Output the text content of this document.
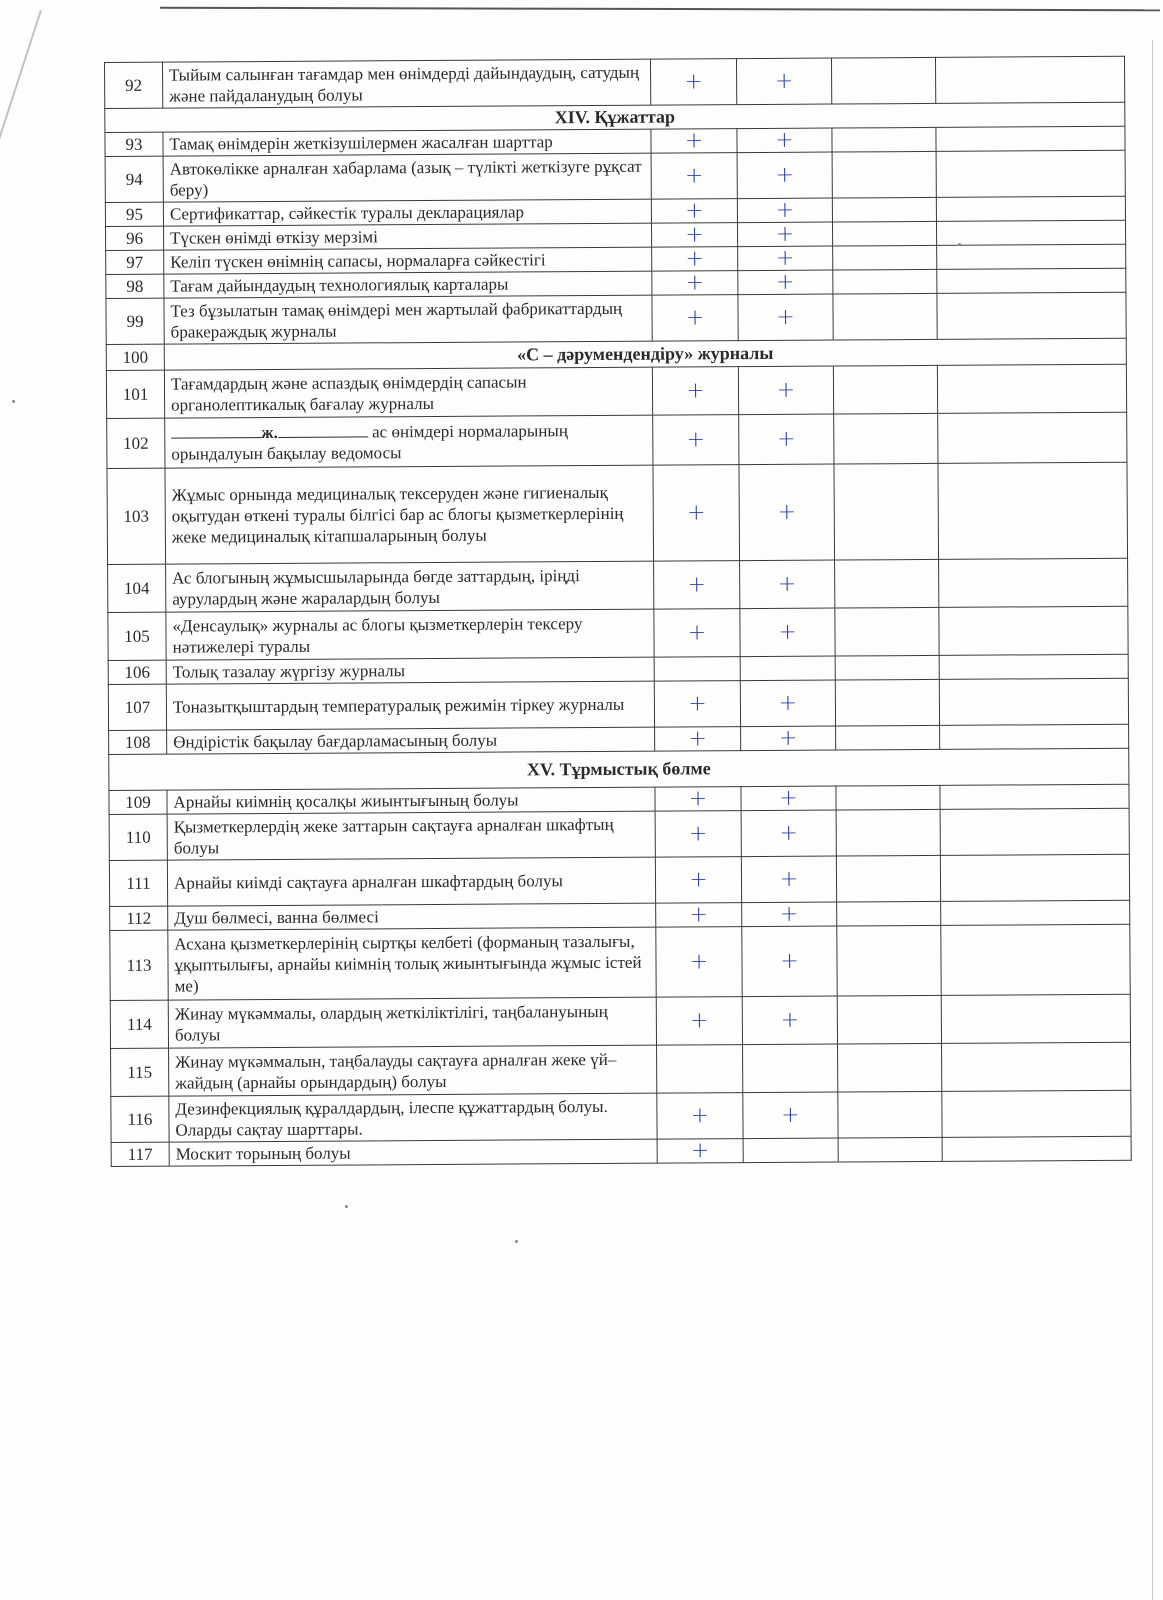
92	Тыйым салынған тағамдар мен өнімдерді дайындаудың, сатудың және пайдаланудың болуы	+	+		
XIV. Құжаттар					
93	Тамақ өнімдерін жеткізушілермен жасалған шарттар	+	+		
94	Автокөлікке арналған хабарлама (азық – түлікті жеткізуге рұқсат беру)	+	+		
95	Сертификаттар, сәйкестік туралы декларациялар	+	+		
96	Түскен өнімді өткізу мерзімі	+	+		
97	Келіп түскен өнімнің сапасы, нормаларға сәйкестігі	+	+		
98	Тағам дайындаудың технологиялық карталары	+	+		
99	Тез бұзылатын тамақ өнімдері мен жартылай фабрикаттардың бракераждық журналы	+	+		
100	«С – дәрумендендіру» журналы				
101	Тағамдардың және аспаздық өнімдердің сапасын органолептикалық бағалау журналы	+	+		
102	ж. ас өнімдері нормаларының орындалуын бақылау ведомосы	+	+		
103	Жұмыс орнында медициналық тексеруден және гигиеналық оқытудан өткені туралы білгісі бар ас блогы қызметкерлерінің жеке медициналық кітапшаларының болуы	+	+		
104	Ас блогының жұмысшыларында бөгде заттардың, іріңді аурулардың және жаралардың болуы	+	+		
105	«Денсаулық» журналы ас блогы қызметкерлерін тексеру нәтижелері туралы	+	+		
106	Толық тазалау жүргізу журналы				
107	Тоназытқыштардың температуралық режимін тіркеу журналы	+	+		
108	Өндірістік бақылау бағдарламасының болуы	+	+		
XV. Тұрмыстық бөлме					
109	Арнайы киімнің қосалқы жиынтығының болуы	+	+		
110	Қызметкерлердің жеке заттарын сақтауға арналған шкафтың болуы	+	+		
111	Арнайы киімді сақтауға арналған шкафтардың болуы	+	+		
112	Душ бөлмесі, ванна бөлмесі	+	+		
113	Асхана қызметкерлерінің сыртқы келбеті (форманың тазалығы, ұқыптылығы, арнайы киімнің толық жиынтығында жұмыс істей ме)	+	+		
114	Жинау мүкәммалы, олардың жеткіліктілігі, таңбалануының болуы	+	+		
115	Жинау мүкәммалын, таңбалауды сақтауға арналған жеке үй–жайдың (арнайы орындардың) болуы				
116	Дезинфекциялық құралдардың, ілеспе құжаттардың болуы. Оларды сақтау шарттары.	+	+		
117	Москит торының болуы	+			
